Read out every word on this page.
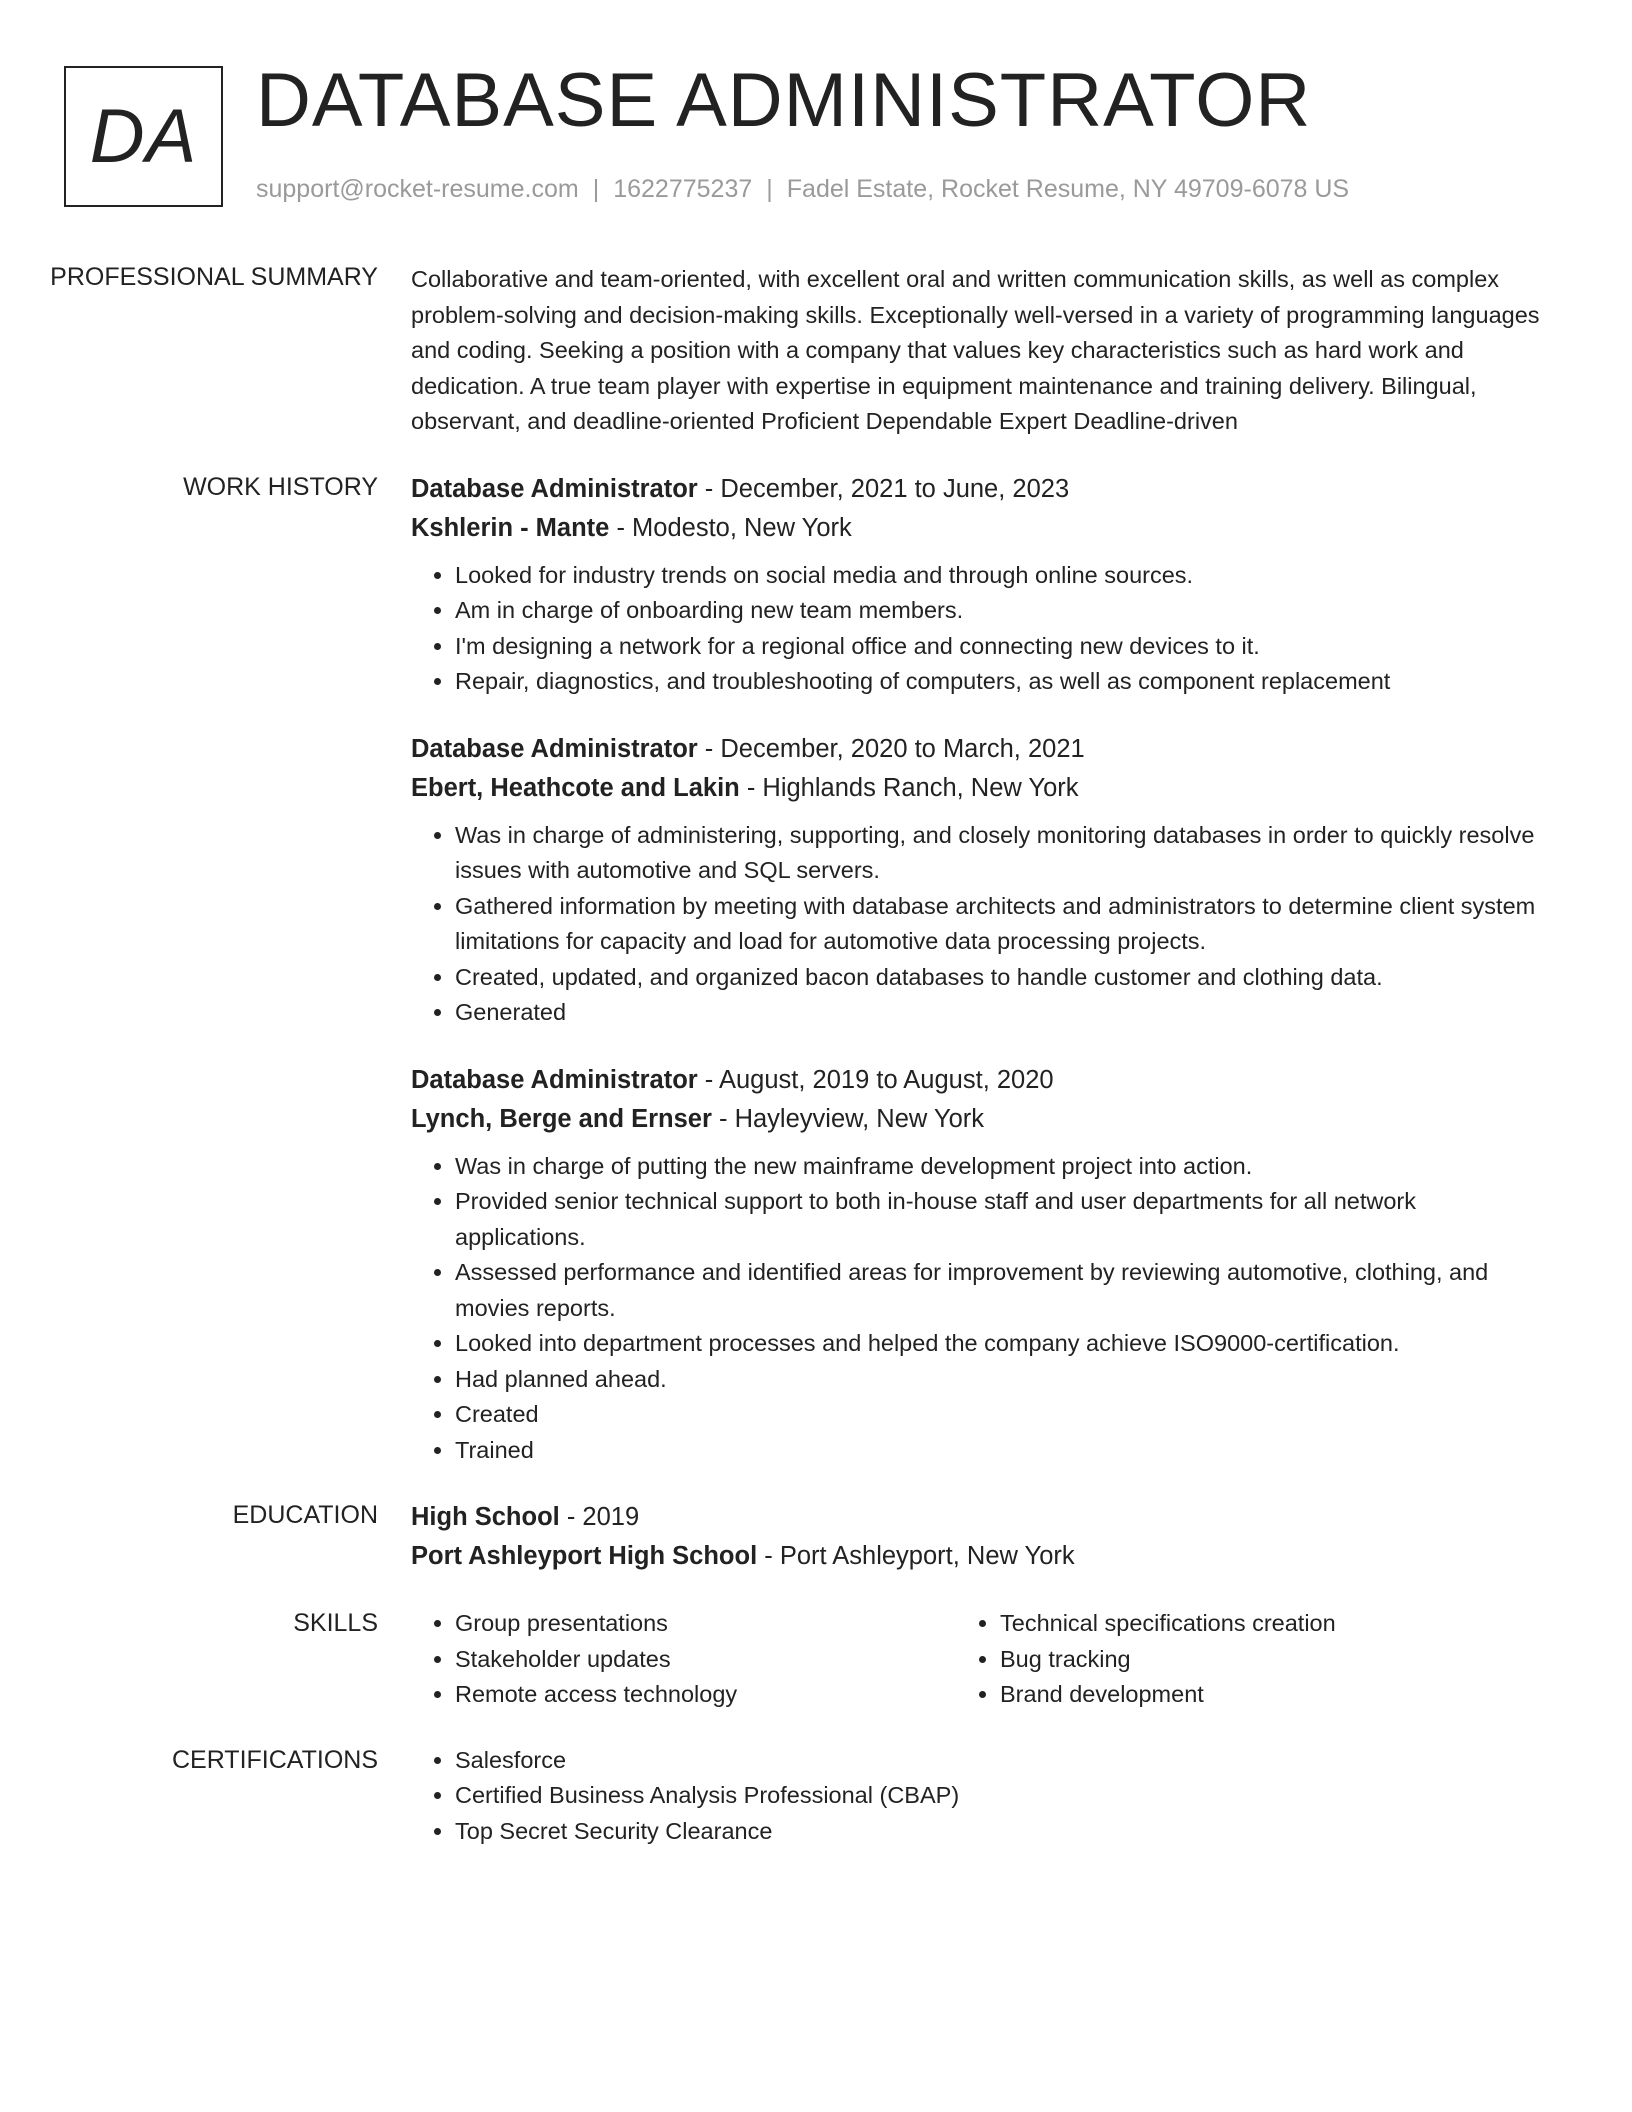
DA DATABASE ADMINISTRATOR
support@rocket-resume.com | 1622775237 | Fadel Estate, Rocket Resume, NY 49709-6078 US
PROFESSIONAL SUMMARY	Collaborative and team-oriented, with excellent oral and written communication skills, as well as complex problem-solving and decision-making skills. Exceptionally well-versed in a variety of programming languages and coding. Seeking a position with a company that values key characteristics such as hard work and dedication. A true team player with expertise in equipment maintenance and training delivery. Bilingual, observant, and deadline-oriented Proficient Dependable Expert Deadline-driven

WORK HISTORY	Database Administrator - December, 2021 to June, 2023
Kshlerin - Mante - Modesto, New York
• Looked for industry trends on social media and through online sources.
• Am in charge of onboarding new team members.
• I'm designing a network for a regional office and connecting new devices to it.
• Repair, diagnostics, and troubleshooting of computers, as well as component replacement
Database Administrator - December, 2020 to March, 2021
Ebert, Heathcote and Lakin - Highlands Ranch, New York
• Was in charge of administering, supporting, and closely monitoring databases in order to quickly resolve issues with automotive and SQL servers.
• Gathered information by meeting with database architects and administrators to determine client system limitations for capacity and load for automotive data processing projects.
• Created, updated, and organized bacon databases to handle customer and clothing data.
• Generated
Database Administrator - August, 2019 to August, 2020
Lynch, Berge and Ernser - Hayleyview, New York
• Was in charge of putting the new mainframe development project into action.
• Provided senior technical support to both in-house staff and user departments for all network applications.
• Assessed performance and identified areas for improvement by reviewing automotive, clothing, and movies reports.
• Looked into department processes and helped the company achieve ISO9000-certification.
• Had planned ahead.
• Created
• Trained
EDUCATION	High School - 2019
Port Ashleyport High School - Port Ashleyport, New York
SKILLS	• Group presentations
• Stakeholder updates
• Remote access technology
• Technical specifications creation
• Bug tracking
• Brand development
CERTIFICATIONS	• Salesforce
• Certified Business Analysis Professional (CBAP)
• Top Secret Security Clearance
